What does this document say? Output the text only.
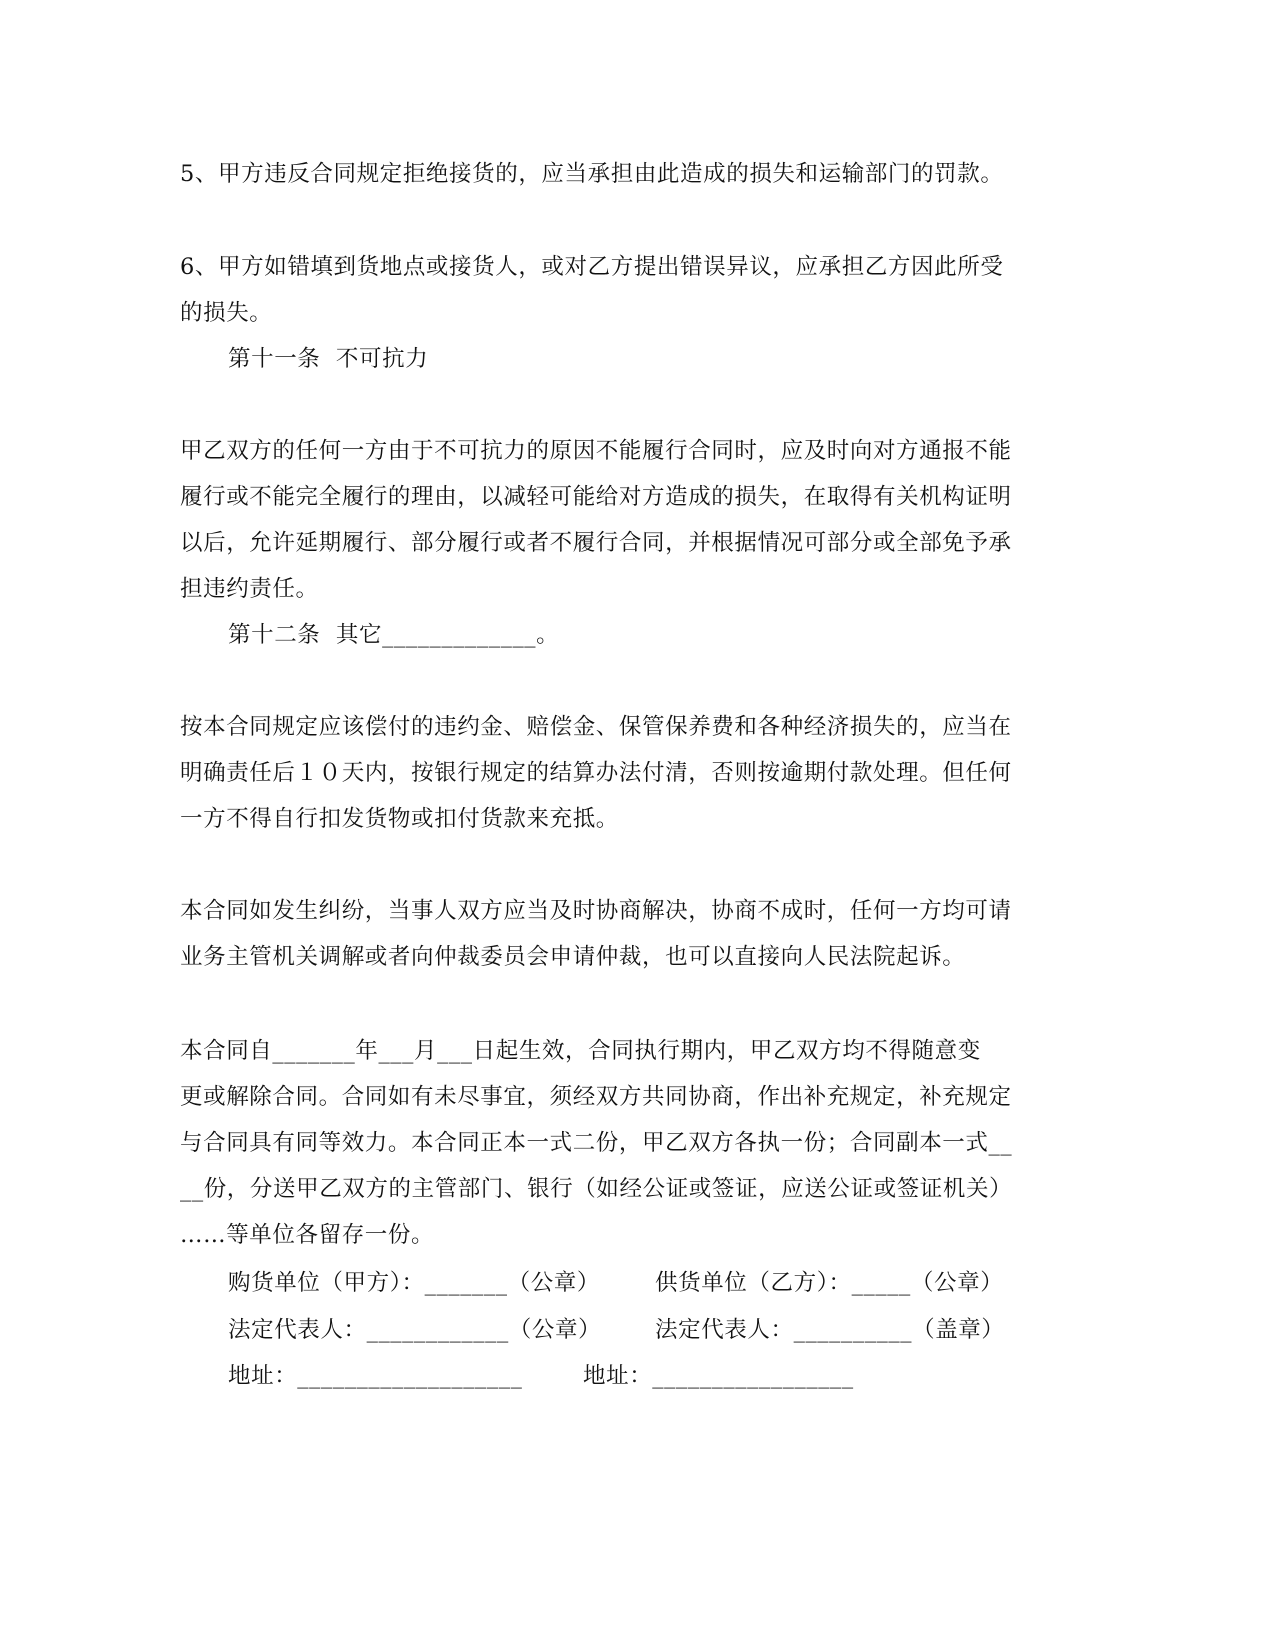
5、甲方违反合同规定拒绝接货的，应当承担由此造成的损失和运输部门的罚款。
6、甲方如错填到货地点或接货人，或对乙方提出错误异议，应承担乙方因此所受
的损失。
第十一条  不可抗力
甲乙双方的任何一方由于不可抗力的原因不能履行合同时，应及时向对方通报不能
履行或不能完全履行的理由，以减轻可能给对方造成的损失，在取得有关机构证明
以后，允许延期履行、部分履行或者不履行合同，并根据情况可部分或全部免予承
担违约责任。
第十二条  其它_____________。
按本合同规定应该偿付的违约金、赔偿金、保管保养费和各种经济损失的，应当在
明确责任后１０天内，按银行规定的结算办法付清，否则按逾期付款处理。但任何
一方不得自行扣发货物或扣付货款来充抵。
本合同如发生纠纷，当事人双方应当及时协商解决，协商不成时，任何一方均可请
业务主管机关调解或者向仲裁委员会申请仲裁，也可以直接向人民法院起诉。
本合同自_______年___月___日起生效，合同执行期内，甲乙双方均不得随意变
更或解除合同。合同如有未尽事宜，须经双方共同协商，作出补充规定，补充规定
与合同具有同等效力。本合同正本一式二份，甲乙双方各执一份；合同副本一式__
__份，分送甲乙双方的主管部门、银行（如经公证或签证，应送公证或签证机关）
……等单位各留存一份。
购货单位（甲方）：_______（公章） 供货单位（乙方）：_____（公章）
法定代表人：____________（公章） 法定代表人：__________（盖章）
地址：___________________	地址：_________________
